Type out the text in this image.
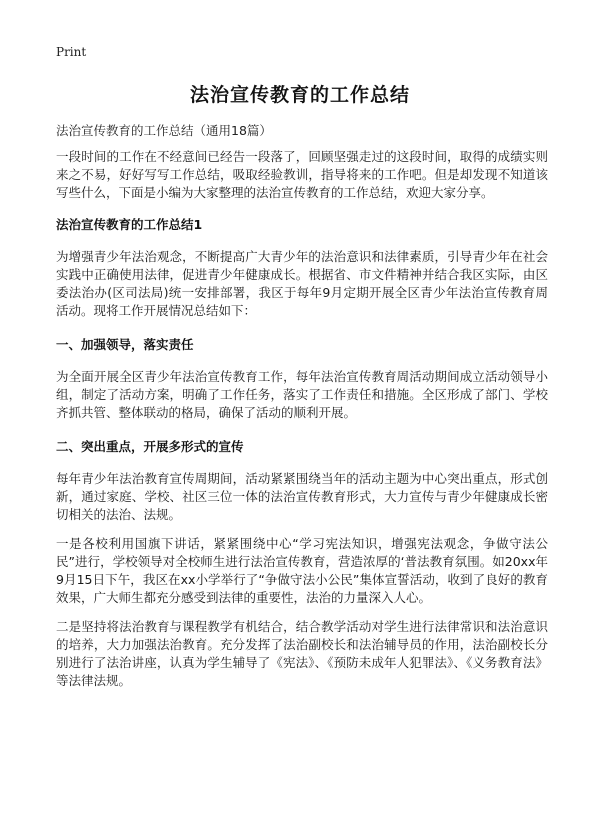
Print
法治宣传教育的工作总结
法治宣传教育的工作总结（通用18篇）

一段时间的工作在不经意间已经告一段落了，回顾坚强走过的这段时间，取得的成绩实则来之不易，好好写写工作总结，吸取经验教训，指导将来的工作吧。但是却发现不知道该写些什么，下面是小编为大家整理的法治宣传教育的工作总结，欢迎大家分享。

法治宣传教育的工作总结1

为增强青少年法治观念，不断提高广大青少年的法治意识和法律素质，引导青少年在社会实践中正确使用法律，促进青少年健康成长。根据省、市文件精神并结合我区实际，由区委法治办(区司法局)统一安排部署，我区于每年9月定期开展全区青少年法治宣传教育周活动。现将工作开展情况总结如下：

一、加强领导，落实责任

为全面开展全区青少年法治宣传教育工作，每年法治宣传教育周活动期间成立活动领导小组，制定了活动方案，明确了工作任务，落实了工作责任和措施。全区形成了部门、学校齐抓共管、整体联动的格局，确保了活动的顺利开展。

二、突出重点，开展多形式的宣传

每年青少年法治教育宣传周期间，活动紧紧围绕当年的活动主题为中心突出重点，形式创新，通过家庭、学校、社区三位一体的法治宣传教育形式，大力宣传与青少年健康成长密切相关的法治、法规。

一是各校利用国旗下讲话，紧紧围绕中心“学习宪法知识，增强宪法观念，争做守法公民”进行，学校领导对全校师生进行法治宣传教育，营造浓厚的‘普法教育氛围。如20xx年9月15日下午，我区在xx小学举行了“争做守法小公民”集体宣誓活动，收到了良好的教育效果，广大师生都充分感受到法律的重要性，法治的力量深入人心。

二是坚持将法治教育与课程教学有机结合，结合教学活动对学生进行法律常识和法治意识的培养，大力加强法治教育。充分发挥了法治副校长和法治辅导员的作用，法治副校长分别进行了法治讲座，认真为学生辅导了《宪法》、《预防未成年人犯罪法》、《义务教育法》等法律法规。
